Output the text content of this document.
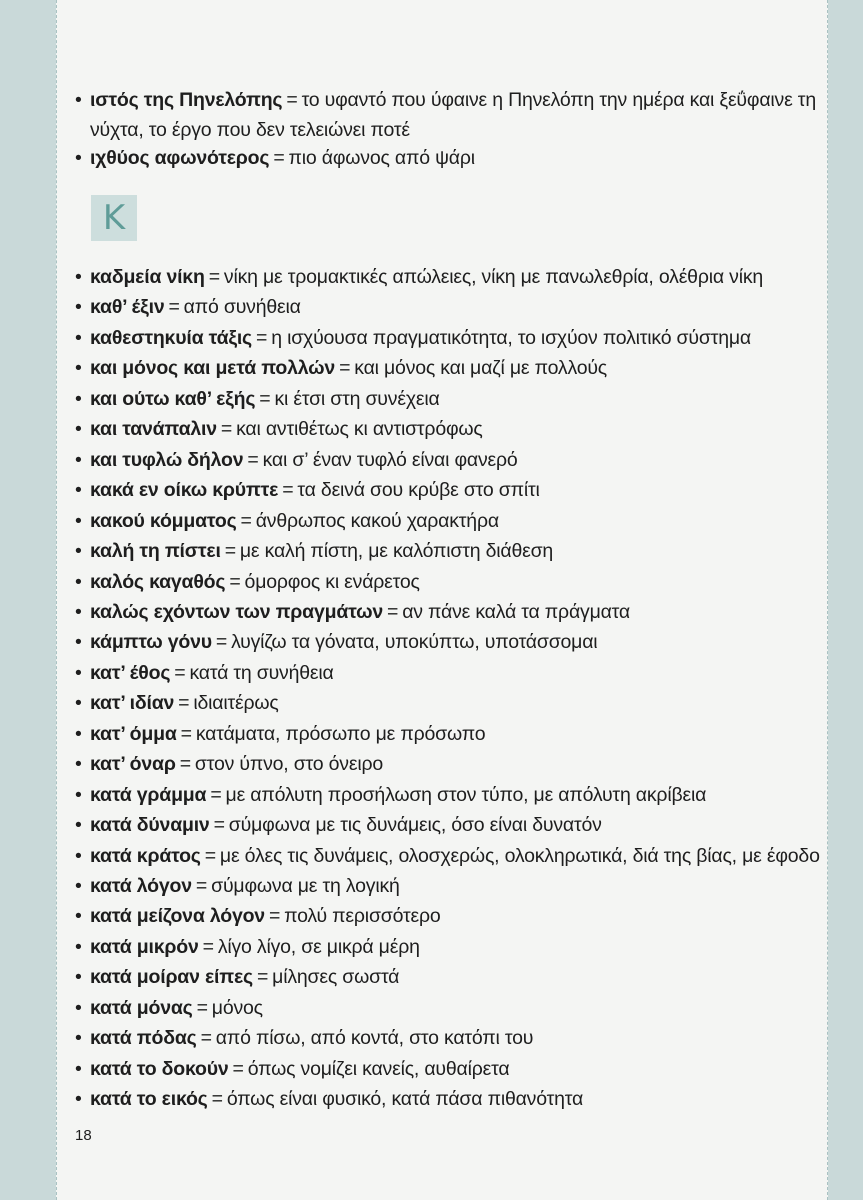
• ιστός της Πηνελόπης = το υφαντό που ύφαινε η Πηνελόπη την ημέρα και ξεΰφαινε τη νύχτα, το έργο που δεν τελειώνει ποτέ
• ιχθύος αφωνότερος = πιο άφωνος από ψάρι
• καδμεία νίκη = νίκη με τρομακτικές απώλειες, νίκη με πανωλεθρία, ολέθρια νίκη
• καθ’ έξιν = από συνήθεια
• καθεστηκυία τάξις = η ισχύουσα πραγματικότητα, το ισχύον πολιτικό σύστημα
• και μόνος και μετά πολλών = και μόνος και μαζί με πολλούς
• και ούτω καθ’ εξής = κι έτσι στη συνέχεια
• και τανάπαλιν = και αντιθέτως κι αντιστρόφως
• και τυφλώ δήλον = και σ’ έναν τυφλό είναι φανερό
• κακά εν οίκω κρύπτε = τα δεινά σου κρύβε στο σπίτι
• κακού κόμματος = άνθρωπος κακού χαρακτήρα
• καλή τη πίστει = με καλή πίστη, με καλόπιστη διάθεση
• καλός καγαθός = όμορφος κι ενάρετος
• καλώς εχόντων των πραγμάτων = αν πάνε καλά τα πράγματα
• κάμπτω γόνυ = λυγίζω τα γόνατα, υποκύπτω, υποτάσσομαι
• κατ’ έθος = κατά τη συνήθεια
• κατ’ ιδίαν = ιδιαιτέρως
• κατ’ όμμα = κατάματα, πρόσωπο με πρόσωπο
• κατ’ όναρ = στον ύπνο, στο όνειρο
• κατά γράμμα = με απόλυτη προσήλωση στον τύπο, με απόλυτη ακρίβεια
• κατά δύναμιν = σύμφωνα με τις δυνάμεις, όσο είναι δυνατόν
• κατά κράτος = με όλες τις δυνάμεις, ολοσχερώς, ολοκληρωτικά, διά της βίας, με έφοδο
• κατά λόγον = σύμφωνα με τη λογική
• κατά μείζονα λόγον = πολύ περισσότερο
• κατά μικρόν = λίγο λίγο, σε μικρά μέρη
• κατά μοίραν είπες = μίλησες σωστά
• κατά μόνας = μόνος
• κατά πόδας = από πίσω, από κοντά, στο κατόπι του
• κατά το δοκούν = όπως νομίζει κανείς, αυθαίρετα
• κατά το εικός = όπως είναι φυσικό, κατά πάσα πιθανότητα
K
18
